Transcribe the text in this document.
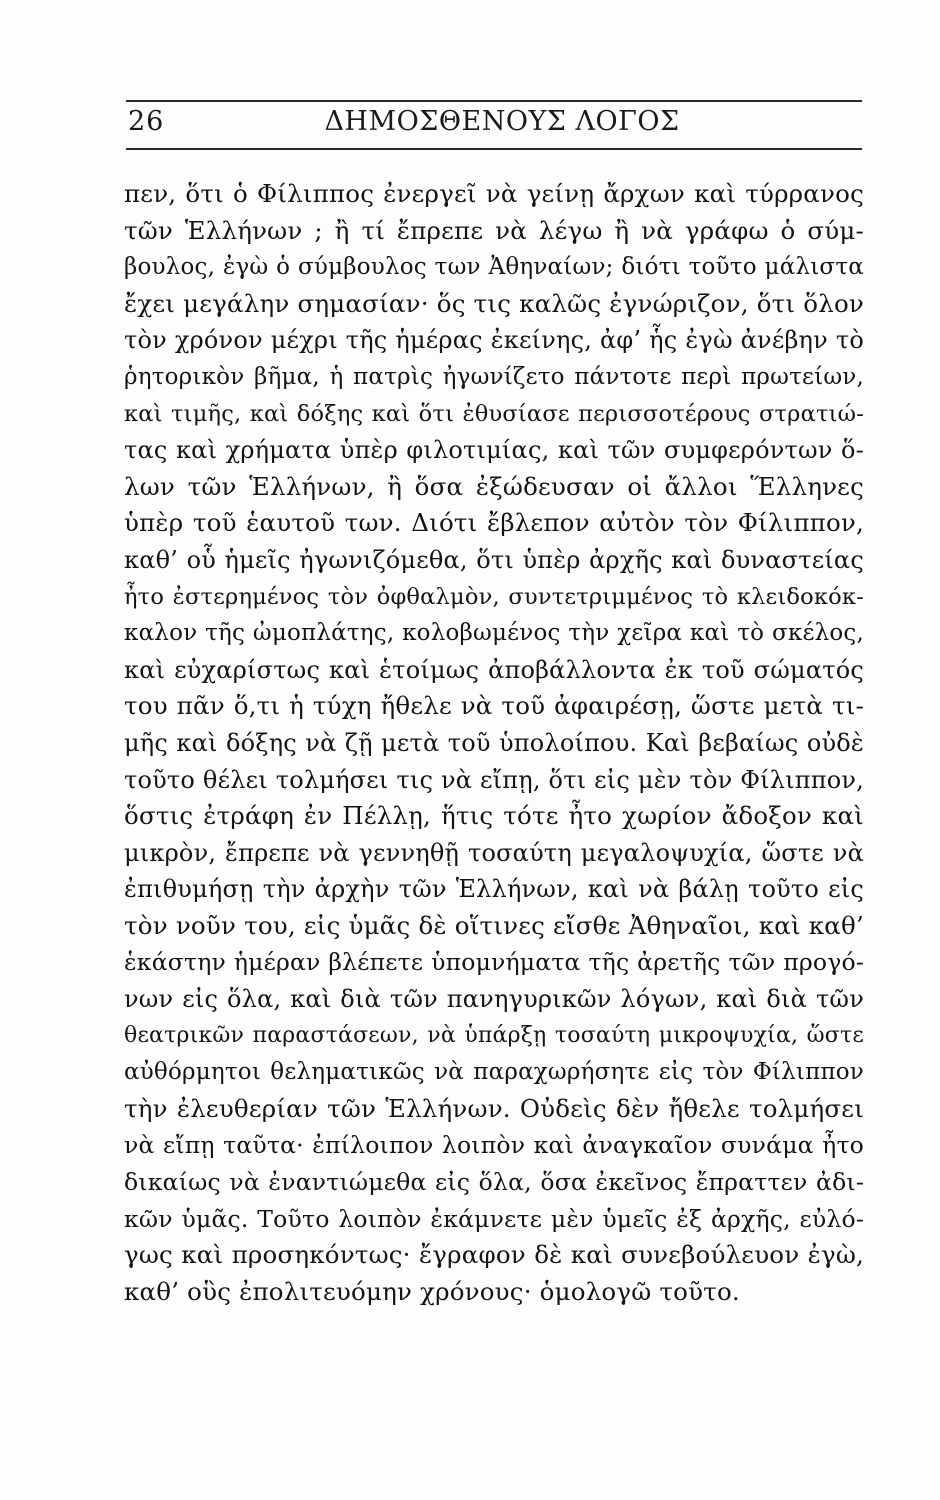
26	ΔΗΜΟΣΘΕΝΟΥΣ ΛΟΓΟΣ
πεν, ὅτι ὁ Φίλιππος ἐνεργεῖ νὰ γείνῃ ἄρχων καὶ τύρρανος
τῶν Ἑλλήνων ; ἢ τί ἔπρεπε νὰ λέγω ἢ νὰ γράφω ὁ σύμ-
βουλος, ἐγὼ ὁ σύμβουλος των Ἀθηναίων; διότι τοῦτο μάλιστα
ἔχει μεγάλην σημασίαν· ὅς τις καλῶς ἐγνώριζον, ὅτι ὅλον
τὸν χρόνον μέχρι τῆς ἡμέρας ἐκείνης, ἀφ’ ἧς ἐγὼ ἀνέβην τὸ
ῥητορικὸν βῆμα, ἡ πατρὶς ἠγωνίζετο πάντοτε περὶ πρωτείων,
καὶ τιμῆς, καὶ δόξης καὶ ὅτι ἐθυσίασε περισσοτέρους στρατιώ-
τας καὶ χρήματα ὑπὲρ φιλοτιμίας, καὶ τῶν συμφερόντων ὅ-
λων τῶν Ἑλλήνων, ἢ ὅσα ἐξώδευσαν οἱ ἄλλοι Ἕλληνες
ὑπὲρ τοῦ ἑαυτοῦ των. Διότι ἔβλεπον αὐτὸν τὸν Φίλιππον,
καθ’ οὗ ἡμεῖς ἠγωνιζόμεθα, ὅτι ὑπὲρ ἀρχῆς καὶ δυναστείας
ἦτο ἐστερημένος τὸν ὀφθαλμὸν, συντετριμμένος τὸ κλειδοκόκ-
καλον τῆς ὠμοπλάτης, κολοβωμένος τὴν χεῖρα καὶ τὸ σκέλος,
καὶ εὐχαρίστως καὶ ἑτοίμως ἀποβάλλοντα ἐκ τοῦ σώματός
του πᾶν ὅ,τι ἡ τύχη ἤθελε νὰ τοῦ ἀφαιρέσῃ, ὥστε μετὰ τι-
μῆς καὶ δόξης νὰ ζῇ μετὰ τοῦ ὑπολοίπου. Καὶ βεβαίως οὐδὲ
τοῦτο θέλει τολμήσει τις νὰ εἴπῃ, ὅτι εἰς μὲν τὸν Φίλιππον,
ὅστις ἐτράφη ἐν Πέλλῃ, ἥτις τότε ἦτο χωρίον ἄδοξον καὶ
μικρὸν, ἔπρεπε νὰ γεννηθῇ τοσαύτη μεγαλοψυχία, ὥστε νὰ
ἐπιθυμήσῃ τὴν ἀρχὴν τῶν Ἑλλήνων, καὶ νὰ βάλῃ τοῦτο εἰς
τὸν νοῦν του, εἰς ὑμᾶς δὲ οἵτινες εἴσθε Ἀθηναῖοι, καὶ καθ’
ἑκάστην ἡμέραν βλέπετε ὑπομνήματα τῆς ἀρετῆς τῶν προγό-
νων εἰς ὅλα, καὶ διὰ τῶν πανηγυρικῶν λόγων, καὶ διὰ τῶν
θεατρικῶν παραστάσεων, νὰ ὑπάρξῃ τοσαύτη μικροψυχία, ὥστε
αὐθόρμητοι θεληματικῶς νὰ παραχωρήσητε εἰς τὸν Φίλιππον
τὴν ἐλευθερίαν τῶν Ἑλλήνων. Οὐδεὶς δὲν ἤθελε τολμήσει
νὰ εἴπῃ ταῦτα· ἐπίλοιπον λοιπὸν καὶ ἀναγκαῖον συνάμα ἦτο
δικαίως νὰ ἐναντιώμεθα εἰς ὅλα, ὅσα ἐκεῖνος ἔπραττεν ἀδι-
κῶν ὑμᾶς. Τοῦτο λοιπὸν ἐκάμνετε μὲν ὑμεῖς ἐξ ἀρχῆς, εὐλό-
γως καὶ προσηκόντως· ἔγραφον δὲ καὶ συνεβούλευον ἐγὼ,
καθ’ οὓς ἐπολιτευόμην χρόνους· ὁμολογῶ τοῦτο.
